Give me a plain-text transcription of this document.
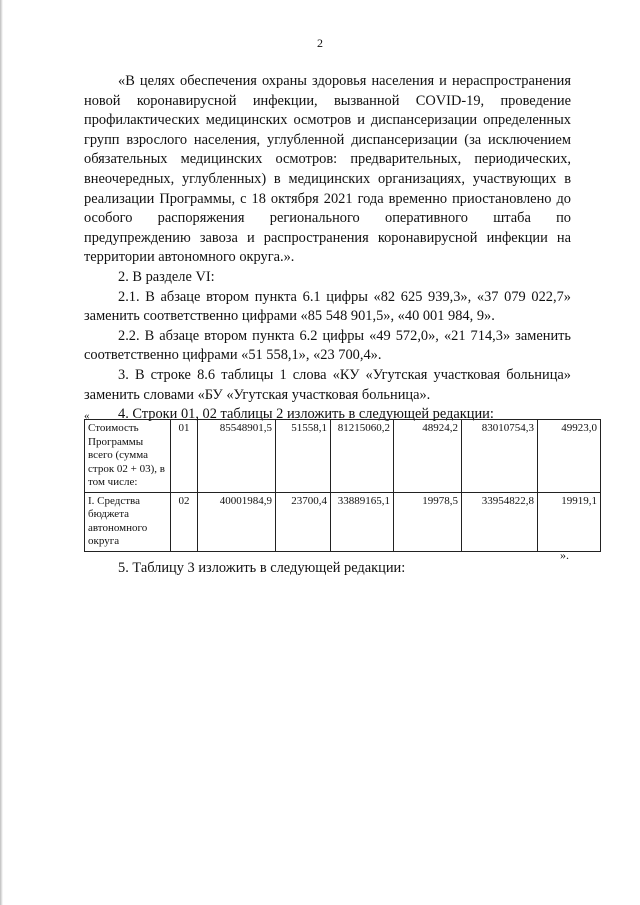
2

«В целях обеспечения охраны здоровья населения и нераспространения новой коронавирусной инфекции, вызванной COVID-19, проведение профилактических медицинских осмотров и диспансеризации определенных групп взрослого населения, углубленной диспансеризации (за исключением обязательных медицинских осмотров: предварительных, периодических, внеочередных, углубленных) в медицинских организациях, участвующих в реализации Программы, с 18 октября 2021 года временно приостановлено до особого распоряжения регионального оперативного штаба по предупреждению завоза и распространения коронавирусной инфекции на территории автономного округа.».

2. В разделе VI:

2.1. В абзаце втором пункта 6.1 цифры «82 625 939,3», «37 079 022,7» заменить соответственно цифрами «85 548 901,5», «40 001 984, 9».

2.2. В абзаце втором пункта 6.2 цифры «49 572,0», «21 714,3» заменить соответственно цифрами «51 558,1», «23 700,4».

3. В строке 8.6 таблицы 1 слова «КУ «Угутская участковая больница» заменить словами «БУ «Угутская участковая больница».

4. Строки 01, 02 таблицы 2 изложить в следующей редакции:

«
Стоимость Программы всего (сумма строк 02 + 03), в том числе:	01	85548901,5	51558,1	81215060,2	48924,2	83010754,3	49923,0
I. Средства бюджета автономного округа	02	40001984,9	23700,4	33889165,1	19978,5	33954822,8	19919,1
».
5. Таблицу 3 изложить в следующей редакции:
